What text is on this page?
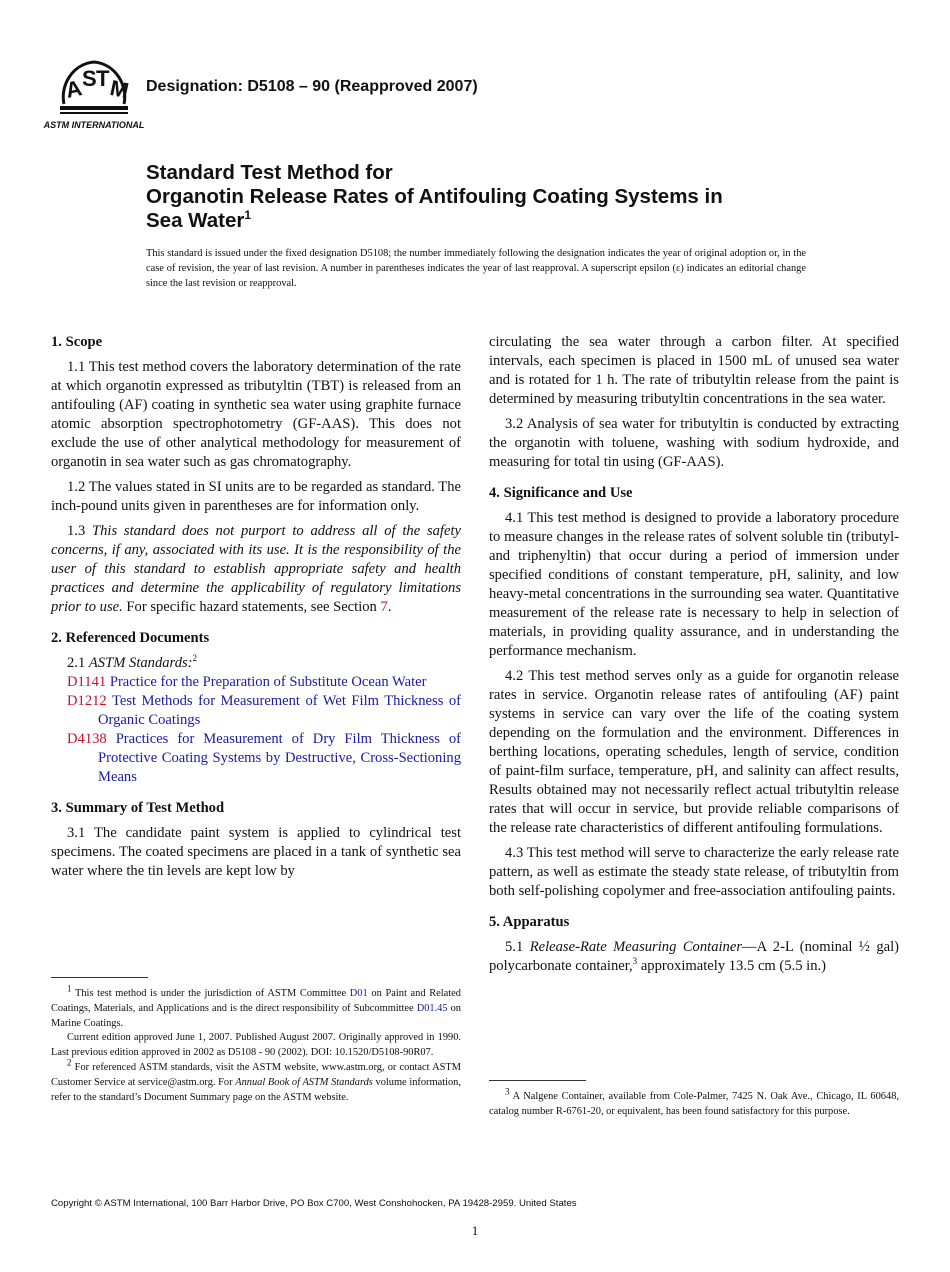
A
S T
M
ASTM INTERNATIONAL
Designation: D5108 – 90 (Reapproved 2007)
Standard Test Method for
Organotin Release Rates of Antifouling Coating Systems in
Sea Water$^1$
This standard is issued under the fixed designation D5108; the number immediately following the designation indicates the year of original adoption or, in the case of revision, the year of last revision. A number in parentheses indicates the year of last reapproval. A superscript epsilon (ε) indicates an editorial change since the last revision or reapproval.
1. Scope

1.1 This test method covers the laboratory determination of the rate at which organotin expressed as tributyltin (TBT) is released from an antifouling (AF) coating in synthetic sea water using graphite furnace atomic absorption spectrophotometry (GF-AAS). This does not exclude the use of other analytical methodology for measurement of organotin in sea water such as gas chromatography.

1.2 The values stated in SI units are to be regarded as standard. The inch-pound units given in parentheses are for information only.

1.3 This standard does not purport to address all of the safety concerns, if any, associated with its use. It is the responsibility of the user of this standard to establish appropriate safety and health practices and determine the applicability of regulatory limitations prior to use. For specific hazard statements, see Section 7.

2. Referenced Documents

2.1 ASTM Standards:$^2$

D1141 Practice for the Preparation of Substitute Ocean Water
D1212 Test Methods for Measurement of Wet Film Thickness of Organic Coatings
D4138 Practices for Measurement of Dry Film Thickness of Protective Coating Systems by Destructive, Cross-Sectioning Means
3. Summary of Test Method

3.1 The candidate paint system is applied to cylindrical test specimens. The coated specimens are placed in a tank of synthetic sea water where the tin levels are kept low by

circulating the sea water through a carbon filter. At specified intervals, each specimen is placed in 1500 mL of unused sea water and is rotated for 1 h. The rate of tributyltin release from the paint is determined by measuring tributyltin concentrations in the sea water.

3.2 Analysis of sea water for tributyltin is conducted by extracting the organotin with toluene, washing with sodium hydroxide, and measuring for total tin using (GF-AAS).

4. Significance and Use

4.1 This test method is designed to provide a laboratory procedure to measure changes in the release rates of solvent soluble tin (tributyl- and triphenyltin) that occur during a period of immersion under specified conditions of constant temperature, pH, salinity, and low heavy-metal concentrations in the surrounding sea water. Quantitative measurement of the release rate is necessary to help in selection of materials, in providing quality assurance, and in understanding the performance mechanism.

4.2 This test method serves only as a guide for organotin release rates in service. Organotin release rates of antifouling (AF) paint systems in service can vary over the life of the coating system depending on the formulation and the environment. Differences in berthing locations, operating schedules, length of service, condition of paint-film surface, temperature, pH, and salinity can affect results, Results obtained may not necessarily reflect actual tributyltin release rates that will occur in service, but provide reliable comparisons of the release rate characteristics of different antifouling formulations.

4.3 This test method will serve to characterize the early release rate pattern, as well as estimate the steady state release, of tributyltin from both self-polishing copolymer and free-association antifouling paints.

5. Apparatus

5.1 Release-Rate Measuring Container—A 2-L (nominal ½ gal) polycarbonate container,$^3$ approximately 13.5 cm (5.5 in.)

$^1$ This test method is under the jurisdiction of ASTM Committee D01 on Paint and Related Coatings, Materials, and Applications and is the direct responsibility of Subcommittee D01.45 on Marine Coatings.

Current edition approved June 1, 2007. Published August 2007. Originally approved in 1990. Last previous edition approved in 2002 as D5108 - 90 (2002). DOI: 10.1520/D5108-90R07.

$^2$ For referenced ASTM standards, visit the ASTM website, www.astm.org, or contact ASTM Customer Service at service@astm.org. For Annual Book of ASTM Standards volume information, refer to the standard’s Document Summary page on the ASTM website.

$^3$ A Nalgene Container, available from Cole-Palmer, 7425 N. Oak Ave., Chicago, IL 60648, catalog number R-6761-20, or equivalent, has been found satisfactory for this purpose.

Copyright © ASTM International, 100 Barr Harbor Drive, PO Box C700, West Conshohocken, PA 19428-2959. United States
1
